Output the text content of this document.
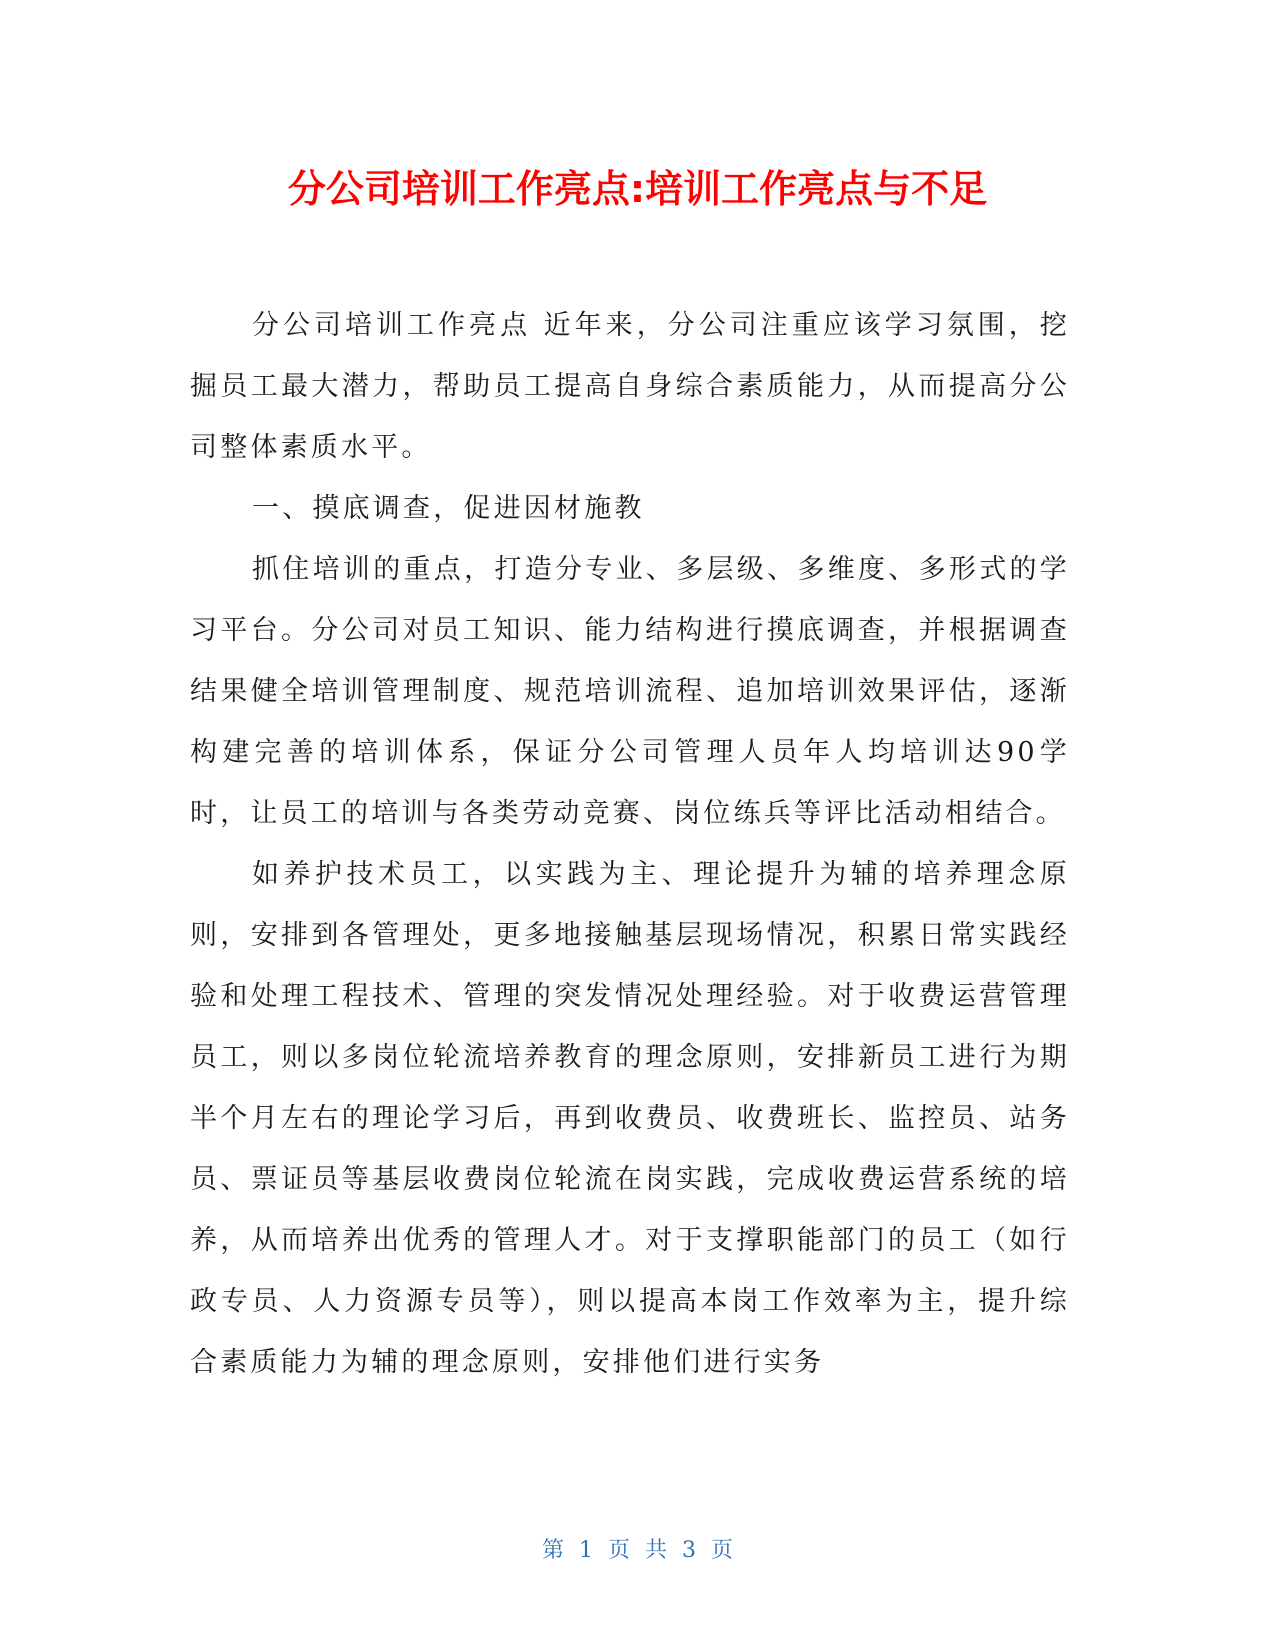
分公司培训工作亮点:培训工作亮点与不足

分公司培训工作亮点 近年来，分公司注重应该学习氛围，挖掘员工最大潜力，帮助员工提高自身综合素质能力，从而提高分公司整体素质水平。

一、摸底调查，促进因材施教

抓住培训的重点，打造分专业、多层级、多维度、多形式的学习平台。分公司对员工知识、能力结构进行摸底调查，并根据调查结果健全培训管理制度、规范培训流程、追加培训效果评估，逐渐构建完善的培训体系，保证分公司管理人员年人均培训达90学时，让员工的培训与各类劳动竞赛、岗位练兵等评比活动相结合。

如养护技术员工，以实践为主、理论提升为辅的培养理念原则，安排到各管理处，更多地接触基层现场情况，积累日常实践经验和处理工程技术、管理的突发情况处理经验。对于收费运营管理员工，则以多岗位轮流培养教育的理念原则，安排新员工进行为期半个月左右的理论学习后，再到收费员、收费班长、监控员、站务员、票证员等基层收费岗位轮流在岗实践，完成收费运营系统的培养，从而培养出优秀的管理人才。对于支撑职能部门的员工（如行政专员、人力资源专员等），则以提高本岗工作效率为主，提升综合素质能力为辅的理念原则，安排他们进行实务

第 1 页 共 3 页
